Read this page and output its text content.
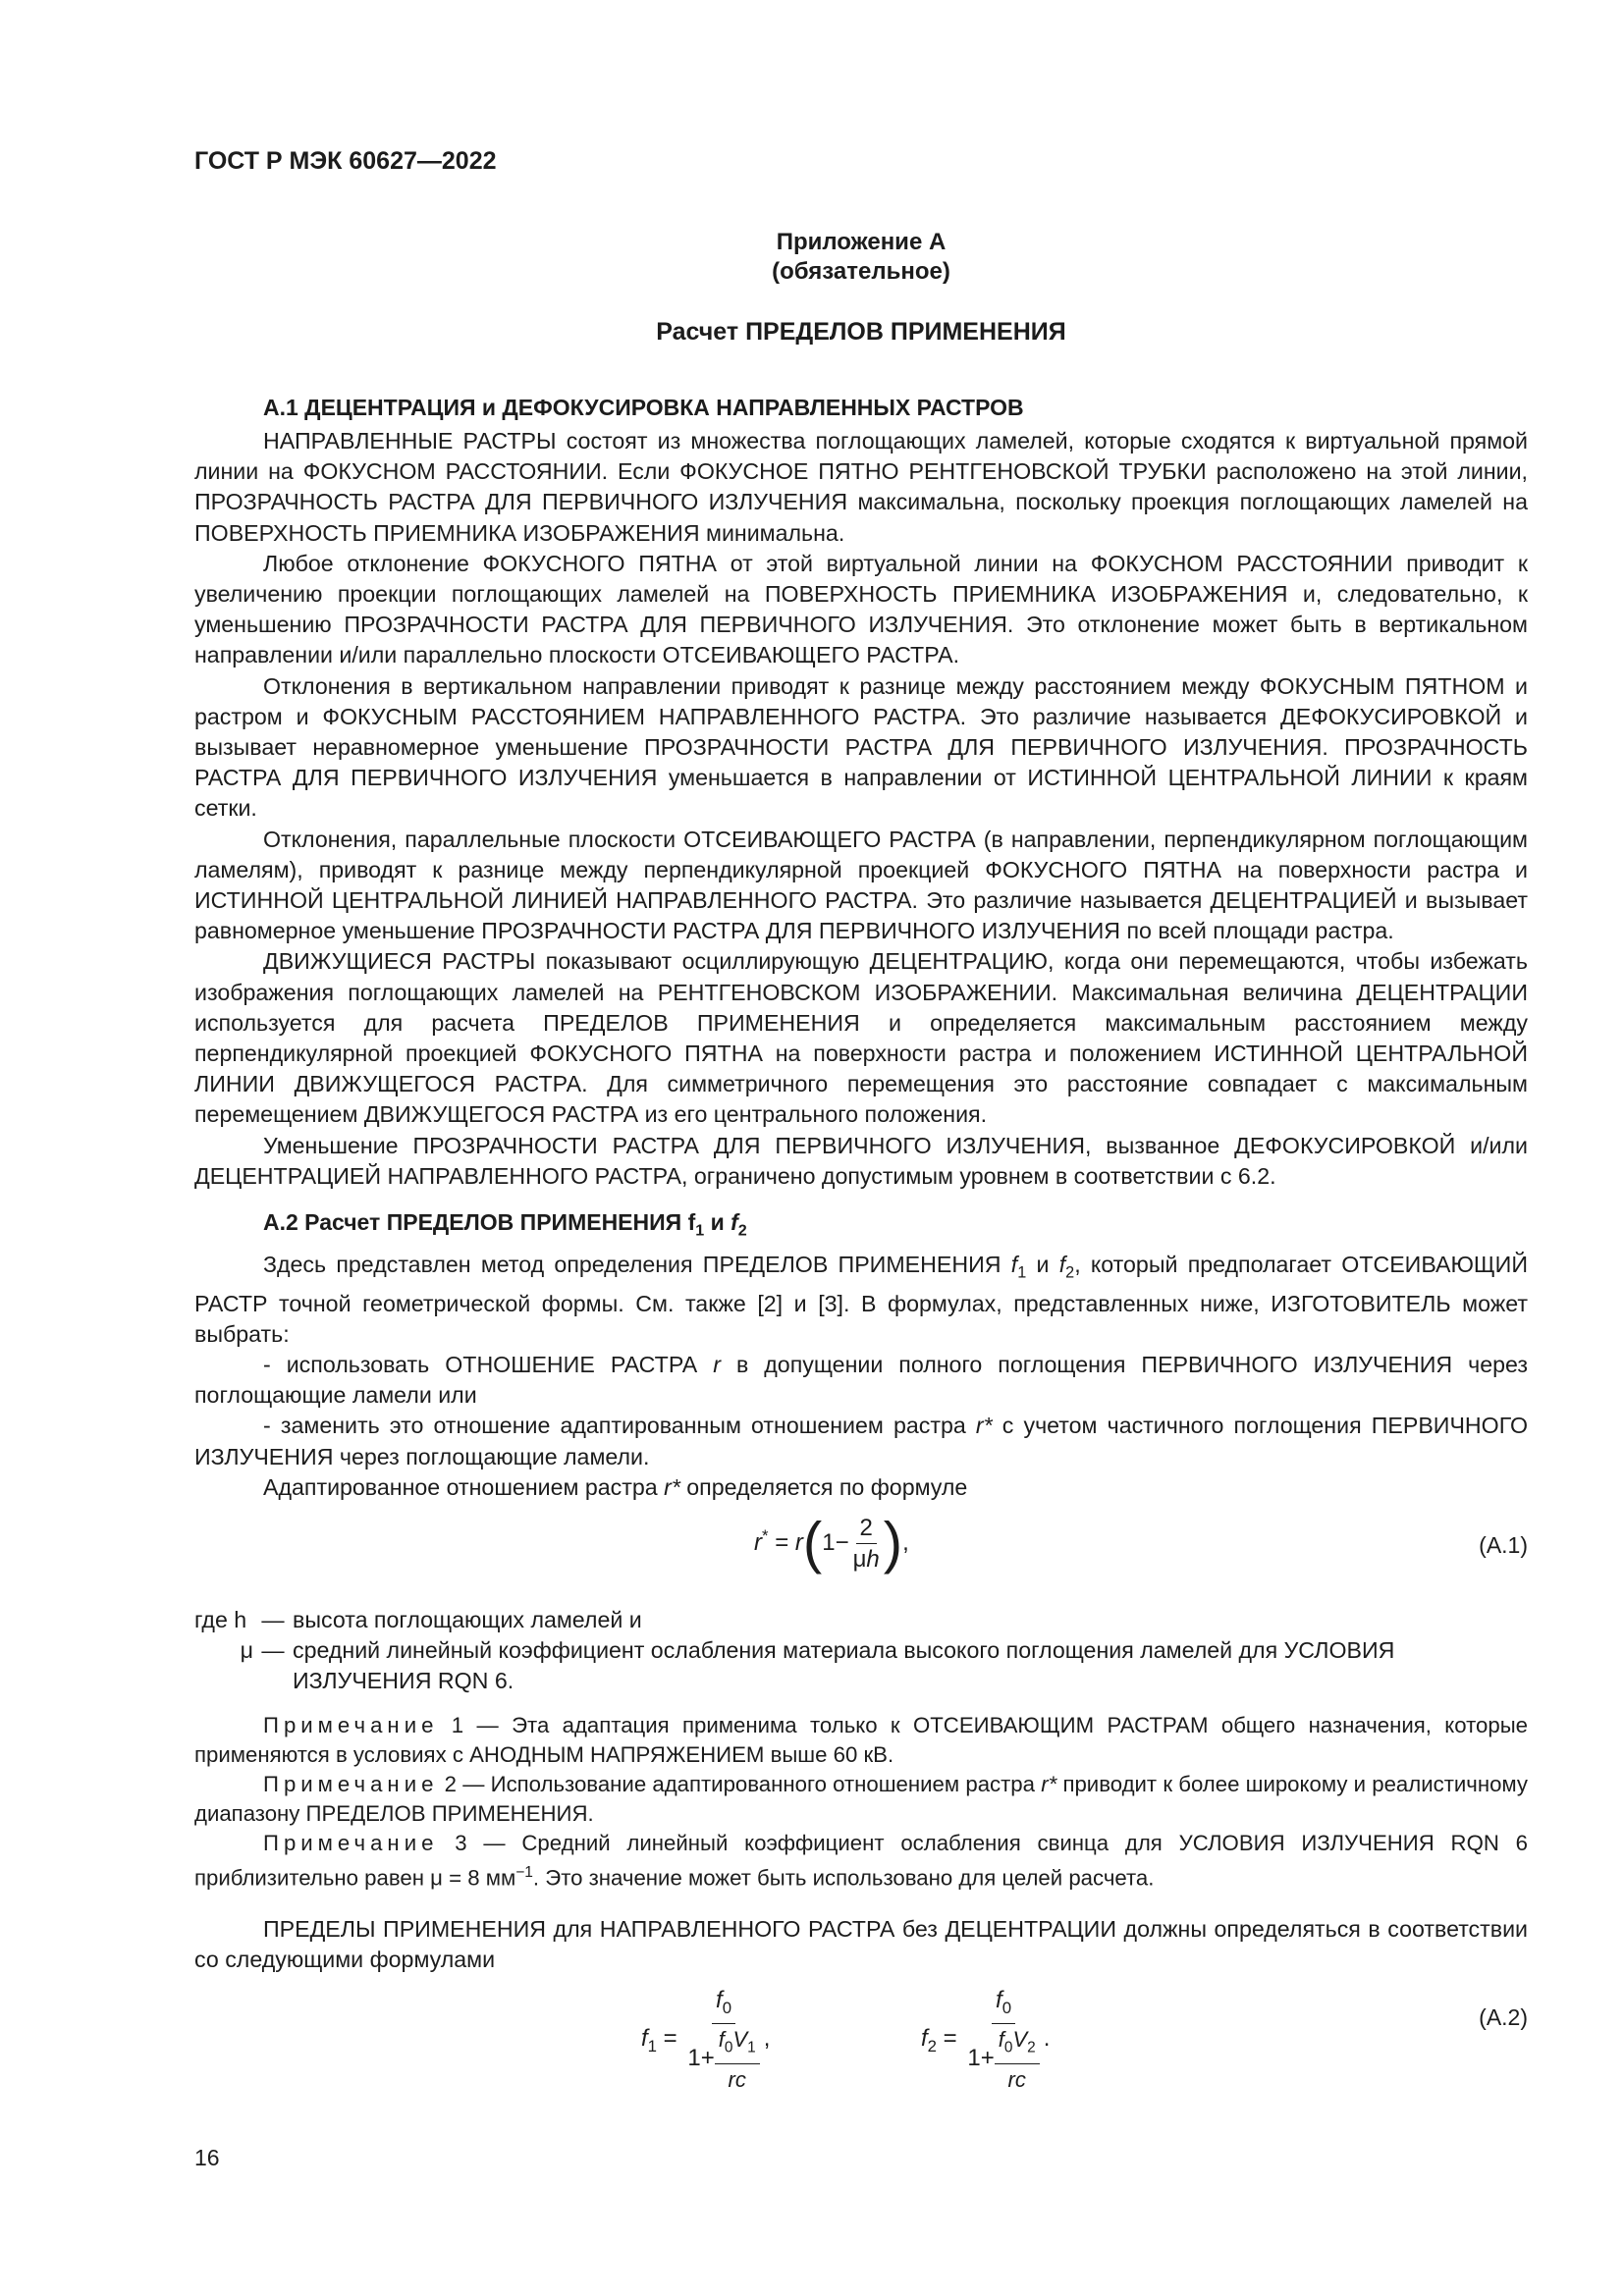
ГОСТ Р МЭК 60627—2022
Приложение А
(обязательное)
Расчет ПРЕДЕЛОВ ПРИМЕНЕНИЯ
А.1 ДЕЦЕНТРАЦИЯ и ДЕФОКУСИРОВКА НАПРАВЛЕННЫХ РАСТРОВ

НАПРАВЛЕННЫЕ РАСТРЫ состоят из множества поглощающих ламелей, которые сходятся к виртуальной прямой линии на ФОКУСНОМ РАССТОЯНИИ. Если ФОКУСНОЕ ПЯТНО РЕНТГЕНОВСКОЙ ТРУБКИ расположено на этой линии, ПРОЗРАЧНОСТЬ РАСТРА ДЛЯ ПЕРВИЧНОГО ИЗЛУЧЕНИЯ максимальна, поскольку проекция поглощающих ламелей на ПОВЕРХНОСТЬ ПРИЕМНИКА ИЗОБРАЖЕНИЯ минимальна.

Любое отклонение ФОКУСНОГО ПЯТНА от этой виртуальной линии на ФОКУСНОМ РАССТОЯНИИ приводит к увеличению проекции поглощающих ламелей на ПОВЕРХНОСТЬ ПРИЕМНИКА ИЗОБРАЖЕНИЯ и, следовательно, к уменьшению ПРОЗРАЧНОСТИ РАСТРА ДЛЯ ПЕРВИЧНОГО ИЗЛУЧЕНИЯ. Это отклонение может быть в вертикальном направлении и/или параллельно плоскости ОТСЕИВАЮЩЕГО РАСТРА.

Отклонения в вертикальном направлении приводят к разнице между расстоянием между ФОКУСНЫМ ПЯТНОМ и растром и ФОКУСНЫМ РАССТОЯНИЕМ НАПРАВЛЕННОГО РАСТРА. Это различие называется ДЕФОКУСИРОВКОЙ и вызывает неравномерное уменьшение ПРОЗРАЧНОСТИ РАСТРА ДЛЯ ПЕРВИЧНОГО ИЗЛУЧЕНИЯ. ПРОЗРАЧНОСТЬ РАСТРА ДЛЯ ПЕРВИЧНОГО ИЗЛУЧЕНИЯ уменьшается в направлении от ИСТИННОЙ ЦЕНТРАЛЬНОЙ ЛИНИИ к краям сетки.

Отклонения, параллельные плоскости ОТСЕИВАЮЩЕГО РАСТРА (в направлении, перпендикулярном поглощающим ламелям), приводят к разнице между перпендикулярной проекцией ФОКУСНОГО ПЯТНА на поверхности растра и ИСТИННОЙ ЦЕНТРАЛЬНОЙ ЛИНИЕЙ НАПРАВЛЕННОГО РАСТРА. Это различие называется ДЕЦЕНТРАЦИЕЙ и вызывает равномерное уменьшение ПРОЗРАЧНОСТИ РАСТРА ДЛЯ ПЕРВИЧНОГО ИЗЛУЧЕНИЯ по всей площади растра.

ДВИЖУЩИЕСЯ РАСТРЫ показывают осциллирующую ДЕЦЕНТРАЦИЮ, когда они перемещаются, чтобы избежать изображения поглощающих ламелей на РЕНТГЕНОВСКОМ ИЗОБРАЖЕНИИ. Максимальная величина ДЕЦЕНТРАЦИИ используется для расчета ПРЕДЕЛОВ ПРИМЕНЕНИЯ и определяется максимальным расстоянием между перпендикулярной проекцией ФОКУСНОГО ПЯТНА на поверхности растра и положением ИСТИННОЙ ЦЕНТРАЛЬНОЙ ЛИНИИ ДВИЖУЩЕГОСЯ РАСТРА. Для симметричного перемещения это расстояние совпадает с максимальным перемещением ДВИЖУЩЕГОСЯ РАСТРА из его центрального положения.

Уменьшение ПРОЗРАЧНОСТИ РАСТРА ДЛЯ ПЕРВИЧНОГО ИЗЛУЧЕНИЯ, вызванное ДЕФОКУСИРОВКОЙ и/или ДЕЦЕНТРАЦИЕЙ НАПРАВЛЕННОГО РАСТРА, ограничено допустимым уровнем в соответствии с 6.2.

А.2 Расчет ПРЕДЕЛОВ ПРИМЕНЕНИЯ $f_1$ и $f_2$

Здесь представлен метод определения ПРЕДЕЛОВ ПРИМЕНЕНИЯ $f_1$ и $f_2$, который предполагает ОТСЕИВАЮЩИЙ РАСТР точной геометрической формы. См. также [2] и [3]. В формулах, представленных ниже, ИЗГОТОВИТЕЛЬ может выбрать:

- использовать ОТНОШЕНИЕ РАСТРА r в допущении полного поглощения ПЕРВИЧНОГО ИЗЛУЧЕНИЯ через поглощающие ламели или

- заменить это отношение адаптированным отношением растра r* с учетом частичного поглощения ПЕРВИЧНОГО ИЗЛУЧЕНИЯ через поглощающие ламели.

Адаптированное отношением растра r* определяется по формуле

$r^* = r(1- \frac{2}{\mu h}$ ),	(А.1)
где h — высота поглощающих ламелей и
μ — средний линейный коэффициент ослабления материала высокого поглощения ламелей для УСЛОВИЯ ИЗЛУЧЕНИЯ RQN 6.

Примечание 1 — Эта адаптация применима только к ОТСЕИВАЮЩИМ РАСТРАМ общего назначения, которые применяются в условиях с АНОДНЫМ НАПРЯЖЕНИЕМ выше 60 кВ.

Примечание 2 — Использование адаптированного отношением растра r* приводит к более широкому и реалистичному диапазону ПРЕДЕЛОВ ПРИМЕНЕНИЯ.

Примечание 3 — Средний линейный коэффициент ослабления свинца для УСЛОВИЯ ИЗЛУЧЕНИЯ RQN 6 приблизительно равен μ = 8 $мм^{-1}$. Это значение может быть использовано для целей расчета.

ПРЕДЕЛЫ ПРИМЕНЕНИЯ для НАПРАВЛЕННОГО РАСТРА без ДЕЦЕНТРАЦИИ должны определяться в соответствии со следующими формулами

$f_1 = \frac{f_0}{1+ \frac{f_0V_1}{rc}}$ ,	$f_2 = \frac{f_0}{1+ \frac{f_0V_2}{rc}}$ .
(А.2)
16
